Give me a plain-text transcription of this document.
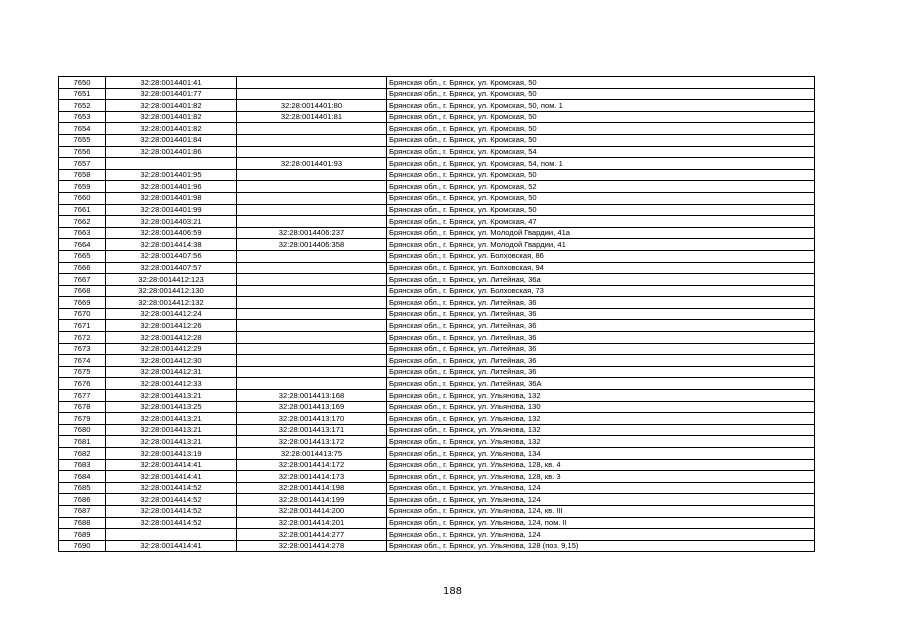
7650	32:28:0014401:41		Брянская обл., г. Брянск, ул. Кромская, 50
7651	32:28:0014401:77		Брянская обл., г. Брянск, ул. Кромская, 50
7652	32:28:0014401:82	32:28:0014401:80	Брянская обл., г. Брянск, ул. Кромская, 50, пом. 1
7653	32:28:0014401:82	32:28:0014401:81	Брянская обл., г. Брянск, ул. Кромская, 50
7654	32:28:0014401:82		Брянская обл., г. Брянск, ул. Кромская, 50
7655	32:28:0014401:84		Брянская обл., г. Брянск, ул. Кромская, 50
7656	32:28:0014401:86		Брянская обл., г. Брянск, ул. Кромская, 54
7657		32:28:0014401:93	Брянская обл., г. Брянск, ул. Кромская, 54, пом. 1
7658	32:28:0014401:95		Брянская обл., г. Брянск, ул. Кромская, 50
7659	32:28:0014401:96		Брянская обл., г. Брянск, ул. Кромская, 52
7660	32:28:0014401:98		Брянская обл., г. Брянск, ул. Кромская, 50
7661	32:28:0014401:99		Брянская обл., г. Брянск, ул. Кромская, 50
7662	32:28:0014403:21		Брянская обл., г. Брянск, ул. Кромская, 47
7663	32:28:0014406:59	32:28:0014406:237	Брянская обл., г. Брянск, ул. Молодой Гвардии, 41а
7664	32:28:0014414:38	32:28:0014406:358	Брянская обл., г. Брянск, ул. Молодой Гвардии, 41
7665	32:28:0014407:56		Брянская обл., г. Брянск, ул. Болховская, 86
7666	32:28:0014407:57		Брянская обл., г. Брянск, ул. Болховская, 94
7667	32:28:0014412:123		Брянская обл., г. Брянск, ул. Литейная, 36а
7668	32:28:0014412:130		Брянская обл., г. Брянск, ул. Болховская, 73
7669	32:28:0014412:132		Брянская обл., г. Брянск, ул. Литейная, 36
7670	32:28:0014412:24		Брянская обл., г. Брянск, ул. Литейная, 36
7671	32:28:0014412:26		Брянская обл., г. Брянск, ул. Литейная, 36
7672	32:28:0014412:28		Брянская обл., г. Брянск, ул. Литейная, 36
7673	32:28:0014412:29		Брянская обл., г. Брянск, ул. Литейная, 36
7674	32:28:0014412:30		Брянская обл., г. Брянск, ул. Литейная, 36
7675	32:28:0014412:31		Брянская обл., г. Брянск, ул. Литейная, 36
7676	32:28:0014412:33		Брянская обл., г. Брянск, ул. Литейная, 36А
7677	32:28:0014413:21	32:28:0014413:168	Брянская обл., г. Брянск, ул. Ульянова, 132
7678	32:28:0014413:25	32:28:0014413:169	Брянская обл., г. Брянск, ул. Ульянова, 130
7679	32:28:0014413:21	32:28:0014413:170	Брянская обл., г. Брянск, ул. Ульянова, 132
7680	32:28:0014413:21	32:28:0014413:171	Брянская обл., г. Брянск, ул. Ульянова, 132
7681	32:28:0014413:21	32:28:0014413:172	Брянская обл., г. Брянск, ул. Ульянова, 132
7682	32:28:0014413:19	32:28:0014413:75	Брянская обл., г. Брянск, ул. Ульянова, 134
7683	32:28:0014414:41	32:28:0014414:172	Брянская обл., г. Брянск, ул. Ульянова, 128, кв. 4
7684	32:28:0014414:41	32:28:0014414:173	Брянская обл., г. Брянск, ул. Ульянова, 128, кв. 3
7685	32:28:0014414:52	32:28:0014414:198	Брянская обл., г. Брянск, ул. Ульянова, 124
7686	32:28:0014414:52	32:28:0014414:199	Брянская обл., г. Брянск, ул. Ульянова, 124
7687	32:28:0014414:52	32:28:0014414:200	Брянская обл., г. Брянск, ул. Ульянова, 124, кв. III
7688	32:28:0014414:52	32:28:0014414:201	Брянская обл., г. Брянск, ул. Ульянова, 124, пом. II
7689		32:28:0014414:277	Брянская обл., г. Брянск, ул. Ульянова, 124
7690	32:28:0014414:41	32:28:0014414:278	Брянская обл., г. Брянск, ул. Ульянова, 128 (поз. 9,15)
188
